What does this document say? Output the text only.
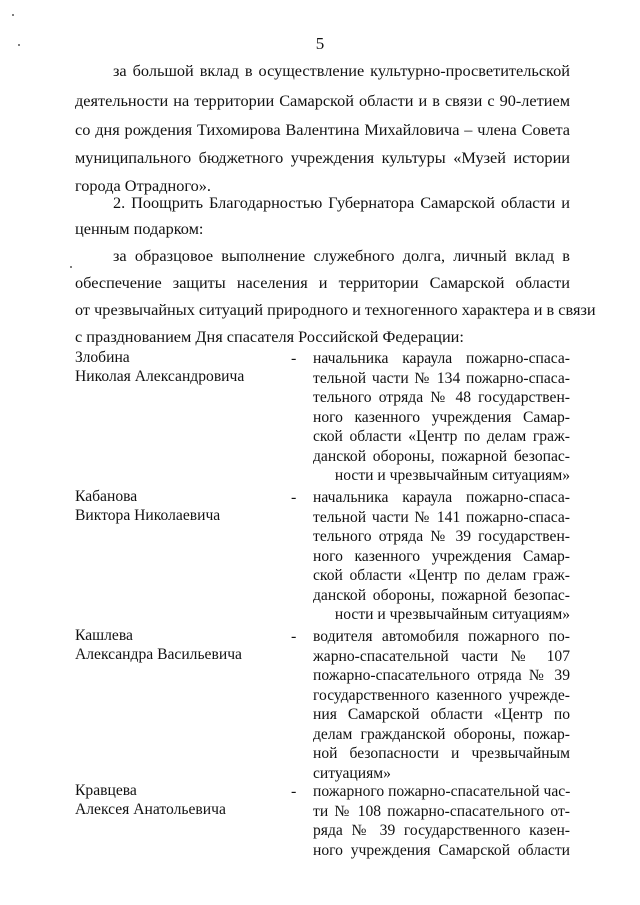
5
за большой вклад в осуществление культурно-просветительской
деятельности на территории Самарской области и в связи с 90-летием
со дня рождения Тихомирова Валентина Михайловича – члена Совета
муниципального бюджетного учреждения культуры «Музей истории
города Отрадного».
2. Поощрить Благодарностью Губернатора Самарской области и
ценным подарком:
за образцовое выполнение служебного долга, личный вклад в
обеспечение защиты населения и территории Самарской области
от чрезвычайных ситуаций природного и техногенного характера и в связи
с празднованием Дня спасателя Российской Федерации:
Злобина
Николая Александровича
- начальника караула пожарно-спаса-
тельной части № 134 пожарно-спаса-
тельного отряда № 48 государствен-
ного казенного учреждения Самар-
ской области «Центр по делам граж-
данской обороны, пожарной безопас-
ности и чрезвычайным ситуациям»
Кабанова
Виктора Николаевича
- начальника караула пожарно-спаса-
тельной части № 141 пожарно-спаса-
тельного отряда № 39 государствен-
ного казенного учреждения Самар-
ской области «Центр по делам граж-
данской обороны, пожарной безопас-
ности и чрезвычайным ситуациям»
Кашлева
Александра Васильевича
- водителя автомобиля пожарного по-
жарно-спасательной части № 107
пожарно-спасательного отряда № 39
государственного казенного учрежде-
ния Самарской области «Центр по
делам гражданской обороны, пожар-
ной безопасности и чрезвычайным
ситуациям»
Кравцева
Алексея Анатольевича
- пожарного пожарно-спасательной час-
ти № 108 пожарно-спасательного от-
ряда № 39 государственного казен-
ного учреждения Самарской области
